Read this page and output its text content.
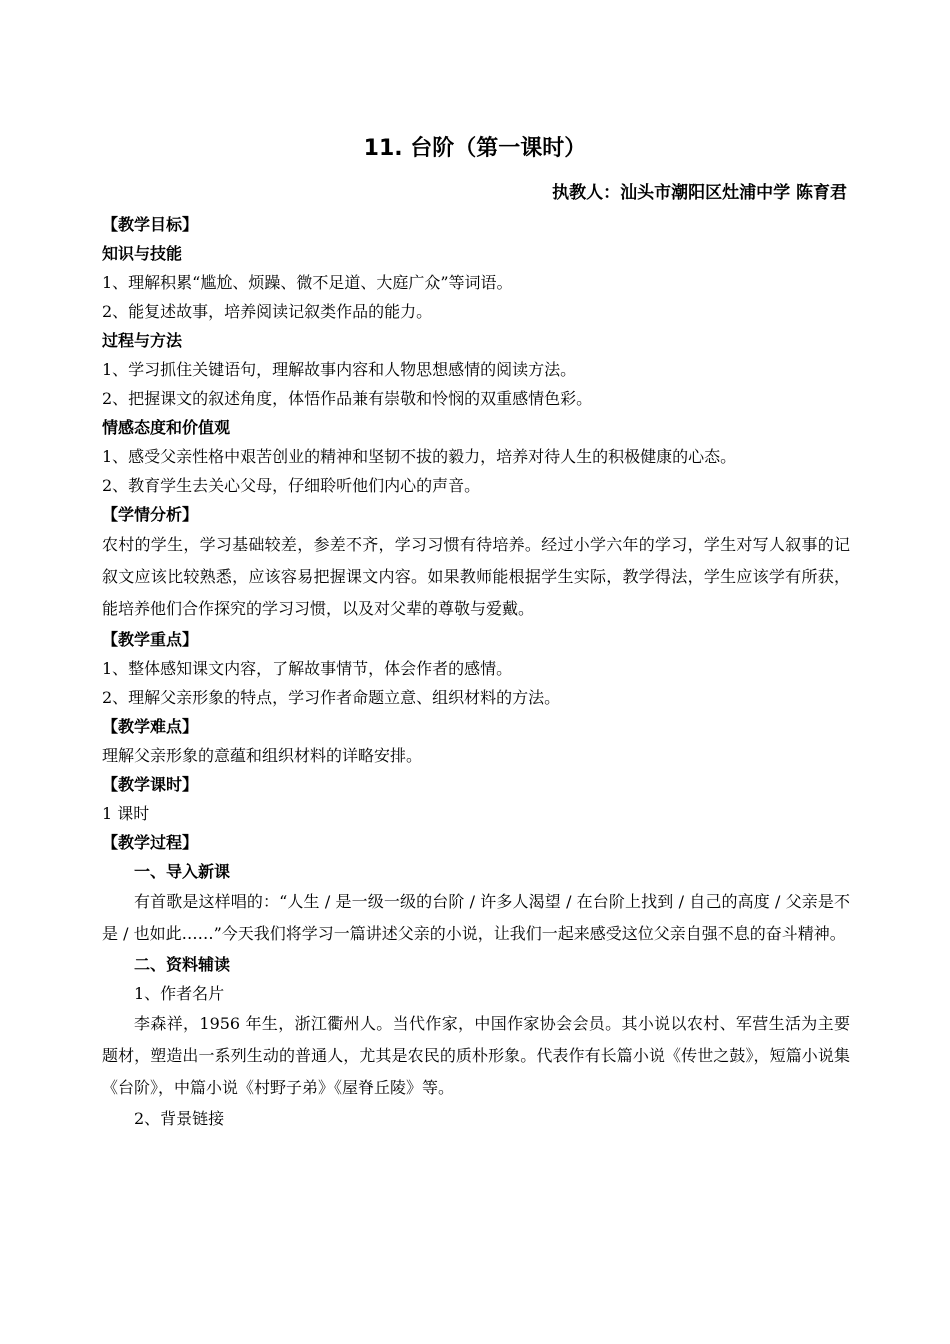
11. 台阶（第一课时）
执教人：汕头市潮阳区灶浦中学 陈育君
【教学目标】
知识与技能
1、理解积累“尴尬、烦躁、微不足道、大庭广众”等词语。
2、能复述故事，培养阅读记叙类作品的能力。
过程与方法
1、学习抓住关键语句，理解故事内容和人物思想感情的阅读方法。
2、把握课文的叙述角度，体悟作品兼有崇敬和怜悯的双重感情色彩。
情感态度和价值观
1、感受父亲性格中艰苦创业的精神和坚韧不拔的毅力，培养对待人生的积极健康的心态。
2、教育学生去关心父母，仔细聆听他们内心的声音。
【学情分析】
农村的学生，学习基础较差，参差不齐，学习习惯有待培养。经过小学六年的学习，学生对写人叙事的记叙文应该比较熟悉，应该容易把握课文内容。如果教师能根据学生实际，教学得法，学生应该学有所获，能培养他们合作探究的学习习惯，以及对父辈的尊敬与爱戴。
【教学重点】
1、整体感知课文内容，了解故事情节，体会作者的感情。
2、理解父亲形象的特点，学习作者命题立意、组织材料的方法。
【教学难点】
理解父亲形象的意蕴和组织材料的详略安排。
【教学课时】
1 课时
【教学过程】
一、导入新课
有首歌是这样唱的：“人生 / 是一级一级的台阶 / 许多人渴望 / 在台阶上找到 / 自己的高度 / 父亲是不是 / 也如此……”今天我们将学习一篇讲述父亲的小说，让我们一起来感受这位父亲自强不息的奋斗精神。
二、资料辅读
1、作者名片
李森祥，1956 年生，浙江衢州人。当代作家，中国作家协会会员。其小说以农村、军营生活为主要题材，塑造出一系列生动的普通人，尤其是农民的质朴形象。代表作有长篇小说《传世之鼓》，短篇小说集《台阶》，中篇小说《村野子弟》《屋脊丘陵》等。
2、背景链接
